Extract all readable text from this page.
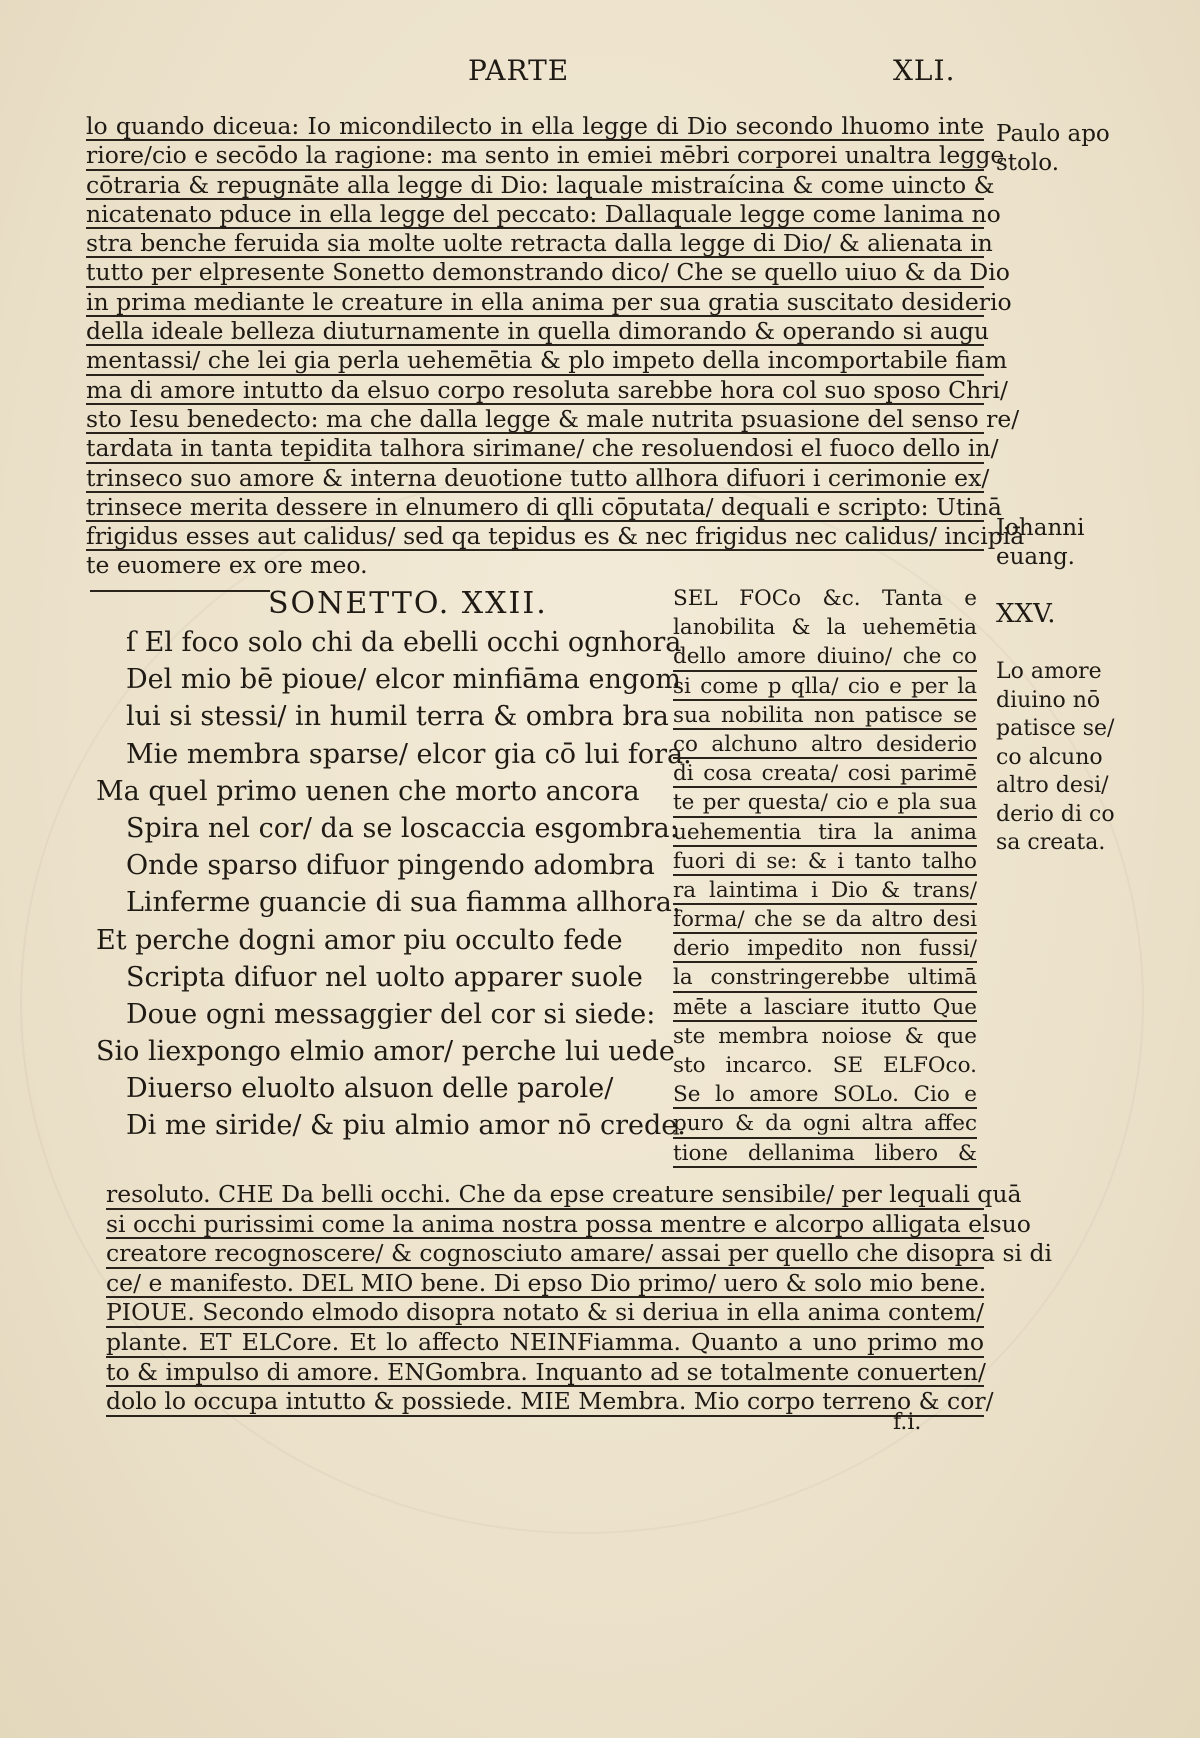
PARTE	XLI.
lo quando diceua: Io micondilecto in ella legge di Dio secondo lhuomo inte
riore/cio e secōdo la ragione: ma sento in emiei mēbri corporei unaltra legge
cōtraria & repugnāte alla legge di Dio: laquale mistraícina & come uincto &
nicatenato pduce in ella legge del peccato: Dallaquale legge come lanima no
stra benche feruida sia molte uolte retracta dalla legge di Dio/ & alienata in
tutto per elpresente Sonetto demonstrando dico/ Che se quello uiuo & da Dio
in prima mediante le creature in ella anima per sua gratia suscitato desiderio
della ideale belleza diuturnamente in quella dimorando & operando si augu
mentassi/ che lei gia perla uehemētia & plo impeto della incomportabile fiam
ma di amore intutto da elsuo corpo resoluta sarebbe hora col suo sposo Chri/
sto Iesu benedecto: ma che dalla legge & male nutrita psuasione del senso re/
tardata in tanta tepidita talhora sirimane/ che resoluendosi el fuoco dello in/
trinseco suo amore & interna deuotione tutto allhora difuori i cerimonie ex/
trinsece merita dessere in elnumero di qlli cōputata/ dequali e scripto: Utinā
frigidus esses aut calidus/ sed qa tepidus es & nec frigidus nec calidus/ incipiā
te euomere ex ore meo.
Paulo apo
stolo.
Iohanni
euang.
XXV.
Lo amore
diuino nō
patisce se/
co alcuno
altro desi/
derio di co
sa creata.
SONETTO. XXII.
ſ El foco solo chi da ebelli occhi ognhora
Del mio bē pioue/ elcor minfiāma engom
lui si stessi/ in humil terra & ombra bra
Mie membra sparse/ elcor gia cō lui fora.
Ma quel primo uenen che morto ancora
Spira nel cor/ da se loscaccia esgombra:
Onde sparso difuor pingendo adombra
Linferme guancie di sua fiamma allhora.
Et perche dogni amor piu occulto fede
Scripta difuor nel uolto apparer suole
Doue ogni messaggier del cor si siede:
Sio liexpongo elmio amor/ perche lui uede
Diuerso eluolto alsuon delle parole/
Di me siride/ & piu almio amor nō crede.
SEL FOCo &c. Tanta e
lanobilita & la uehemētia
dello amore diuino/ che co
si come p qlla/ cio e per la
sua nobilita non patisce se
co alchuno altro desiderio
di cosa creata/ cosi parimē
te per questa/ cio e pla sua
uehementia tira la anima
fuori di se: & i tanto talho
ra laintima i Dio & trans/
forma/ che se da altro desi
derio impedito non fussi/
la constringerebbe ultimā
mēte a lasciare itutto Que
ste membra noiose & que
sto incarco. SE ELFOco.
Se lo amore SOLo. Cio e
puro & da ogni altra affec
tione dellanima libero &
resoluto. CHE Da belli occhi. Che da epse creature sensibile/ per lequali quā
si occhi purissimi come la anima nostra possa mentre e alcorpo alligata elsuo
creatore recognoscere/ & cognosciuto amare/ assai per quello che disopra si di
ce/ e manifesto. DEL MIO bene. Di epso Dio primo/ uero & solo mio bene.
PIOUE. Secondo elmodo disopra notato & si deriua in ella anima contem/
plante. ET ELCore. Et lo affecto NEINFiamma. Quanto a uno primo mo
to & impulso di amore. ENGombra. Inquanto ad se totalmente conuerten/
dolo lo occupa intutto & possiede. MIE Membra. Mio corpo terreno & cor/
f.i.
